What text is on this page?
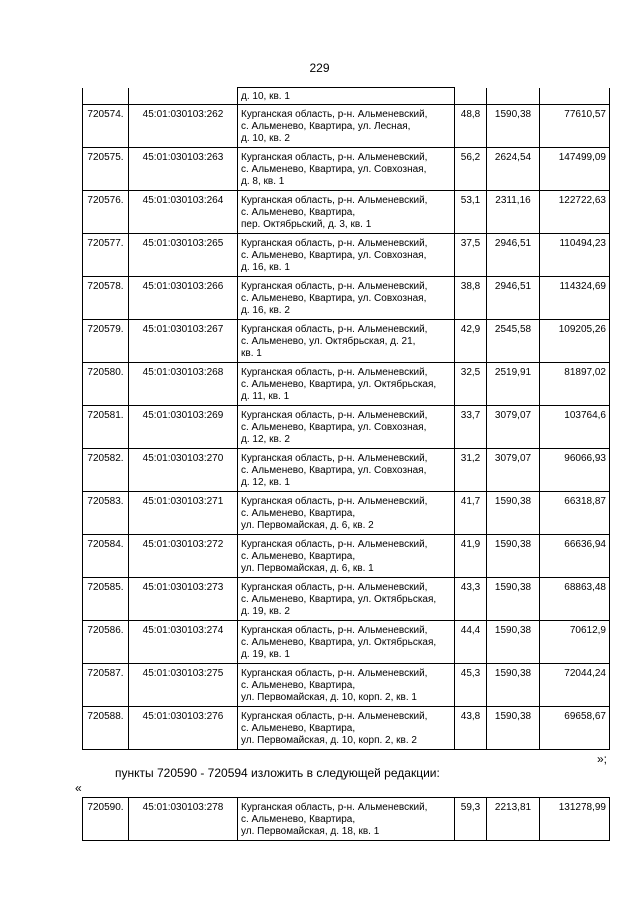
229

		д. 10, кв. 1			

720574.	45:01:030103:262	Курганская область, р-н. Альменевский,
с. Альменево, Квартира, ул. Лесная,
д. 10, кв. 2	48,8	1590,38	77610,57
720575.	45:01:030103:263	Курганская область, р-н. Альменевский,
с. Альменево, Квартира, ул. Совхозная,
д. 8, кв. 1	56,2	2624,54	147499,09
720576.	45:01:030103:264	Курганская область, р-н. Альменевский,
с. Альменево, Квартира,
пер. Октябрьский, д. 3, кв. 1	53,1	2311,16	122722,63
720577.	45:01:030103:265	Курганская область, р-н. Альменевский,
с. Альменево, Квартира, ул. Совхозная,
д. 16, кв. 1	37,5	2946,51	110494,23
720578.	45:01:030103:266	Курганская область, р-н. Альменевский,
с. Альменево, Квартира, ул. Совхозная,
д. 16, кв. 2	38,8	2946,51	114324,69
720579.	45:01:030103:267	Курганская область, р-н. Альменевский,
с. Альменево, ул. Октябрьская, д. 21,
кв. 1	42,9	2545,58	109205,26
720580.	45:01:030103:268	Курганская область, р-н. Альменевский,
с. Альменево, Квартира, ул. Октябрьская,
д. 11, кв. 1	32,5	2519,91	81897,02
720581.	45:01:030103:269	Курганская область, р-н. Альменевский,
с. Альменево, Квартира, ул. Совхозная,
д. 12, кв. 2	33,7	3079,07	103764,6
720582.	45:01:030103:270	Курганская область, р-н. Альменевский,
с. Альменево, Квартира, ул. Совхозная,
д. 12, кв. 1	31,2	3079,07	96066,93
720583.	45:01:030103:271	Курганская область, р-н. Альменевский,
с. Альменево, Квартира,
ул. Первомайская, д. 6, кв. 2	41,7	1590,38	66318,87
720584.	45:01:030103:272	Курганская область, р-н. Альменевский,
с. Альменево, Квартира,
ул. Первомайская, д. 6, кв. 1	41,9	1590,38	66636,94
720585.	45:01:030103:273	Курганская область, р-н. Альменевский,
с. Альменево, Квартира, ул. Октябрьская,
д. 19, кв. 2	43,3	1590,38	68863,48
720586.	45:01:030103:274	Курганская область, р-н. Альменевский,
с. Альменево, Квартира, ул. Октябрьская,
д. 19, кв. 1	44,4	1590,38	70612,9
720587.	45:01:030103:275	Курганская область, р-н. Альменевский,
с. Альменево, Квартира,
ул. Первомайская, д. 10, корп. 2, кв. 1	45,3	1590,38	72044,24
720588.	45:01:030103:276	Курганская область, р-н. Альменевский,
с. Альменево, Квартира,
ул. Первомайская, д. 10, корп. 2, кв. 2	43,8	1590,38	69658,67
»;
пункты 720590 - 720594 изложить в следующей редакции:
«
720590.	45:01:030103:278	Курганская область, р-н. Альменевский,
с. Альменево, Квартира,
ул. Первомайская, д. 18, кв. 1
	59,3	2213,81	131278,99
